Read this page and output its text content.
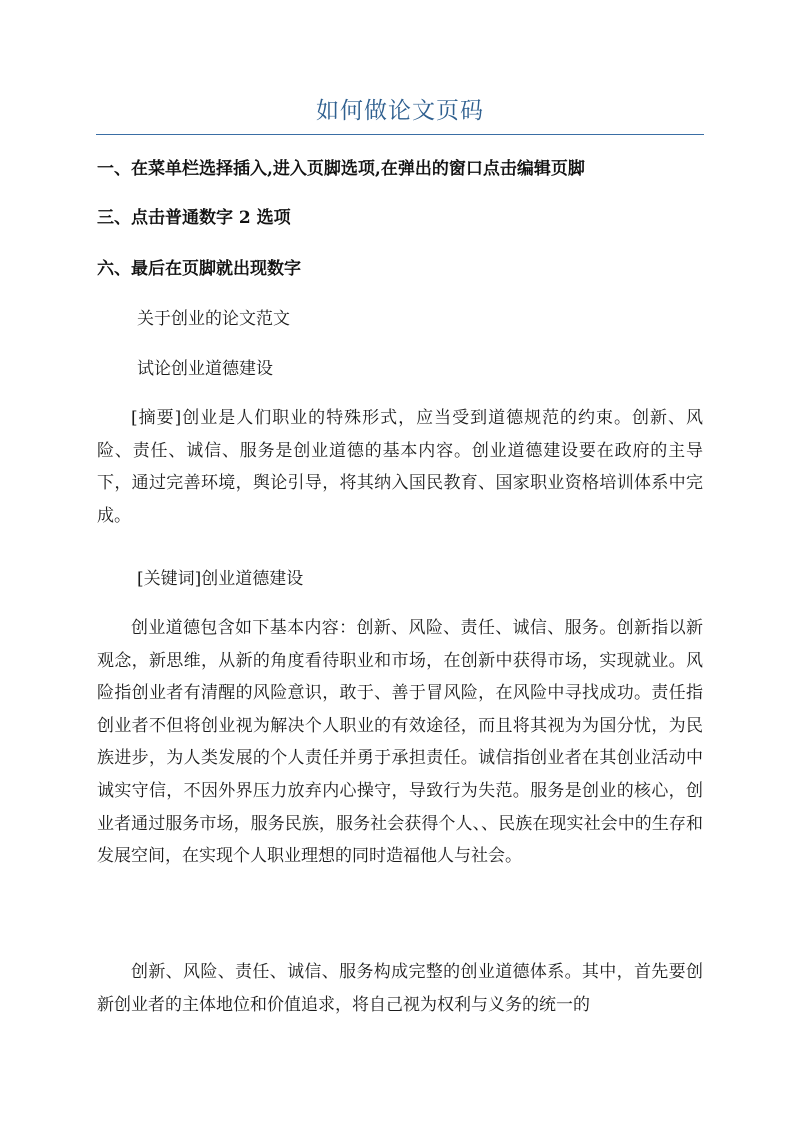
如何做论文页码
一、在菜单栏选择插入,进入页脚选项,在弹出的窗口点击编辑页脚
三、点击普通数字 2 选项
六、最后在页脚就出现数字
关于创业的论文范文
试论创业道德建设

[摘要]创业是人们职业的特殊形式，应当受到道德规范的约束。创新、风险、责任、诚信、服务是创业道德的基本内容。创业道德建设要在政府的主导下，通过完善环境，舆论引导，将其纳入国民教育、国家职业资格培训体系中完成。

[关键词]创业道德建设

创业道德包含如下基本内容：创新、风险、责任、诚信、服务。创新指以新观念，新思维，从新的角度看待职业和市场，在创新中获得市场，实现就业。风险指创业者有清醒的风险意识，敢于、善于冒风险，在风险中寻找成功。责任指创业者不但将创业视为解决个人职业的有效途径，而且将其视为为国分忧，为民族进步，为人类发展的个人责任并勇于承担责任。诚信指创业者在其创业活动中诚实守信，不因外界压力放弃内心操守，导致行为失范。服务是创业的核心，创业者通过服务市场，服务民族，服务社会获得个人、、民族在现实社会中的生存和发展空间，在实现个人职业理想的同时造福他人与社会。

创新、风险、责任、诚信、服务构成完整的创业道德体系。其中，首先要创新创业者的主体地位和价值追求，将自己视为权利与义务的统一的
